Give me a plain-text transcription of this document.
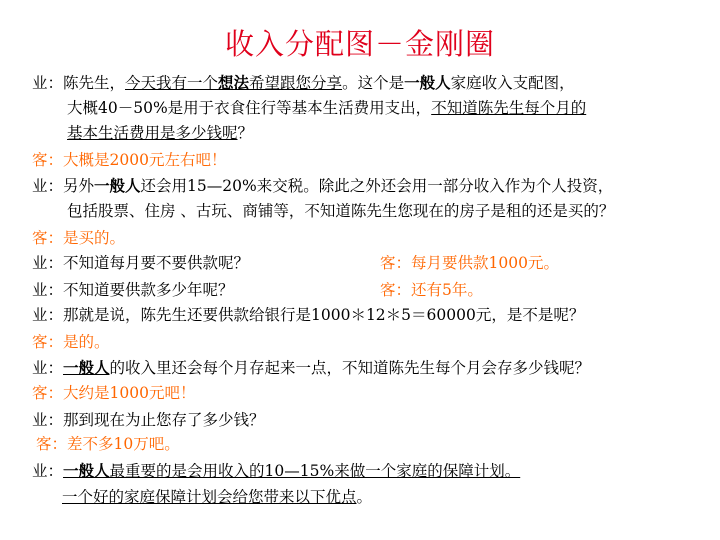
收入分配图－金刚圈
业：陈先生，今天我有一个想法希望跟您分享。这个是一般人家庭收入支配图，
大概40－50%是用于衣食住行等基本生活费用支出，不知道陈先生每个月的
基本生活费用是多少钱呢？
客：大概是2000元左右吧！
业：另外一般人还会用15—20%来交税。除此之外还会用一部分收入作为个人投资，
包括股票、住房 、古玩、商铺等，不知道陈先生您现在的房子是租的还是买的？
客：是买的。
业：不知道每月要不要供款呢？	客：每月要供款1000元。
业：不知道要供款多少年呢？	客：还有5年。
业：那就是说，陈先生还要供款给银行是1000＊12＊5＝60000元，是不是呢？
客：是的。
业：一般人的收入里还会每个月存起来一点，不知道陈先生每个月会存多少钱呢？
客：大约是1000元吧！
业：那到现在为止您存了多少钱？
客：差不多10万吧。
业：一般人最重要的是会用收入的10—15%来做一个家庭的保障计划。
一个好的家庭保障计划会给您带来以下优点。
